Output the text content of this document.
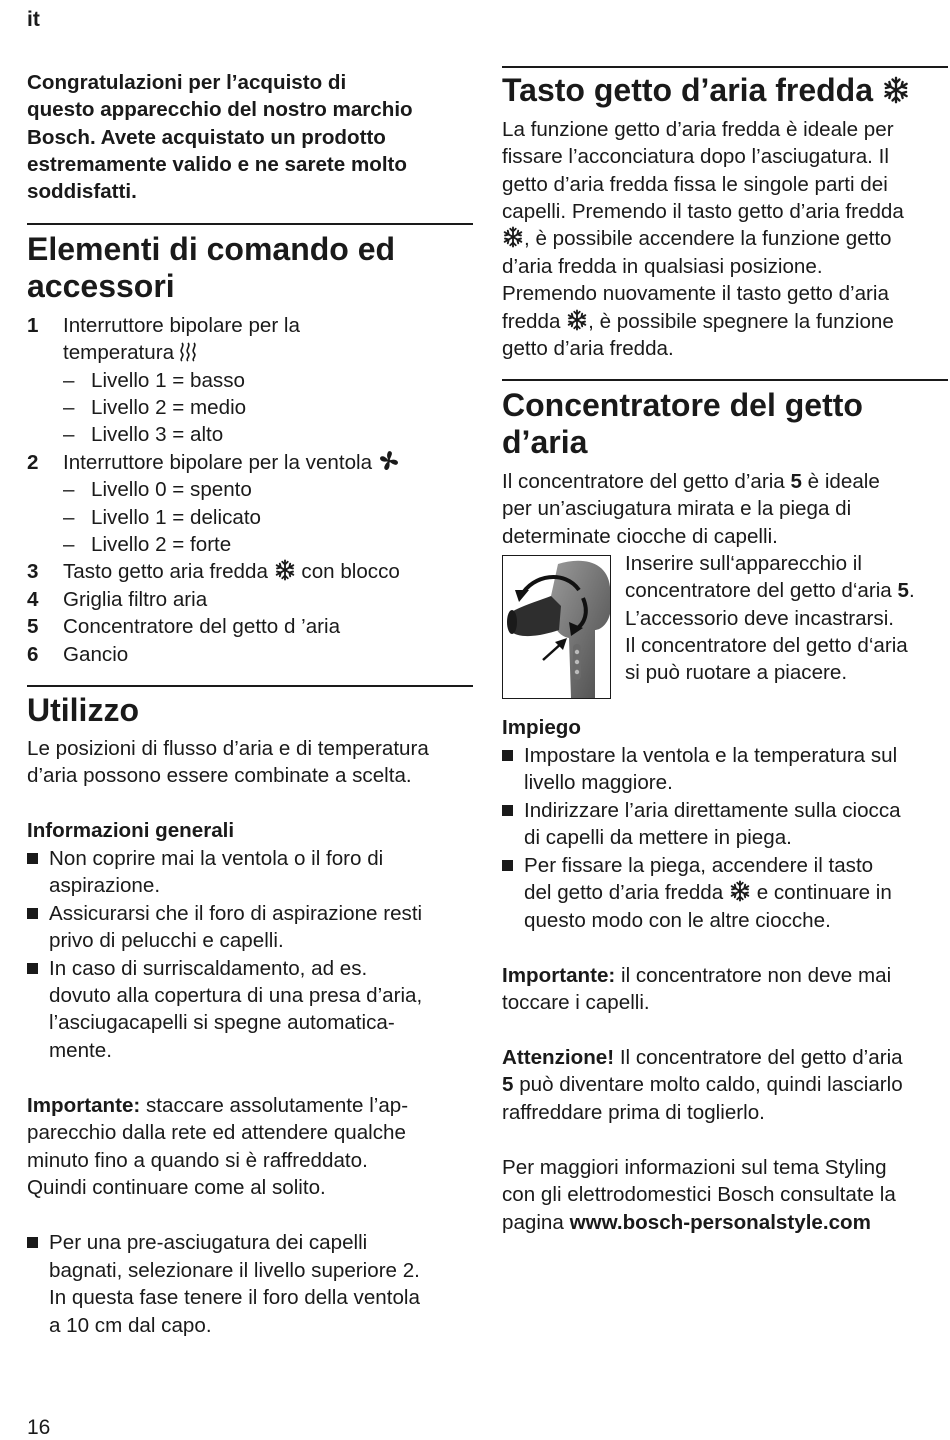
it
Congratulazioni per l’acquisto di
questo apparecchio del nostro marchio
Bosch. Avete acquistato un prodotto
estremamente valido e ne sarete molto
soddisfatti.
Elementi di comando ed
accessori
1 Interruttore bipolare per la
temperatura
– Livello 1 = basso
– Livello 2 = medio
– Livello 3 = alto
2 Interruttore bipolare per la ventola
– Livello 0 = spento
– Livello 1 = delicato
– Livello 2 = forte
3 Tasto getto aria fredda con blocco
4 Griglia filtro aria
5 Concentratore del getto d ’aria
6 Gancio
Utilizzo
Le posizioni di flusso d’aria e di temperatura
d’aria possono essere combinate a scelta.
Informazioni generali
Non coprire mai la ventola o il foro di
aspirazione.
Assicurarsi che il foro di aspirazione resti
privo di pelucchi e capelli.
In caso di surriscaldamento, ad es.
dovuto alla copertura di una presa d’aria,
l’asciugacapelli si spegne automatica-
mente.
Importante: staccare assolutamente l’ap-
parecchio dalla rete ed attendere qualche
minuto fino a quando si è raffreddato.
Quindi continuare come al solito.
Per una pre-asciugatura dei capelli
bagnati, selezionare il livello superiore 2.
In questa fase tenere il foro della ventola
a 10 cm dal capo.
Tasto getto d’aria fredda
La funzione getto d’aria fredda è ideale per
fissare l’acconciatura dopo l’asciugatura. Il
getto d’aria fredda fissa le singole parti dei
capelli. Premendo il tasto getto d’aria fredda
, è possibile accendere la funzione getto
d’aria fredda in qualsiasi posizione.
Premendo nuovamente il tasto getto d’aria
fredda , è possibile spegnere la funzione
getto d’aria fredda.
Concentratore del getto
d’aria
Il concentratore del getto d’aria 5 è ideale
per un’asciugatura mirata e la piega di
determinate ciocche di capelli.
Inserire sull‘apparecchio il
concentratore del getto d‘aria 5.
L’accessorio deve incastrarsi.
Il concentratore del getto d‘aria
si può ruotare a piacere.
Impiego
Impostare la ventola e la temperatura sul
livello maggiore.
Indirizzare l’aria direttamente sulla ciocca
di capelli da mettere in piega.
Per fissare la piega, accendere il tasto
del getto d’aria fredda e continuare in
questo modo con le altre ciocche.
Importante: il concentratore non deve mai
toccare i capelli.
Attenzione! Il concentratore del getto d’aria
5 può diventare molto caldo, quindi lasciarlo
raffreddare prima di toglierlo.
Per maggiori informazioni sul tema Styling
con gli elettrodomestici Bosch consultate la
pagina www.bosch-personalstyle.com
16
